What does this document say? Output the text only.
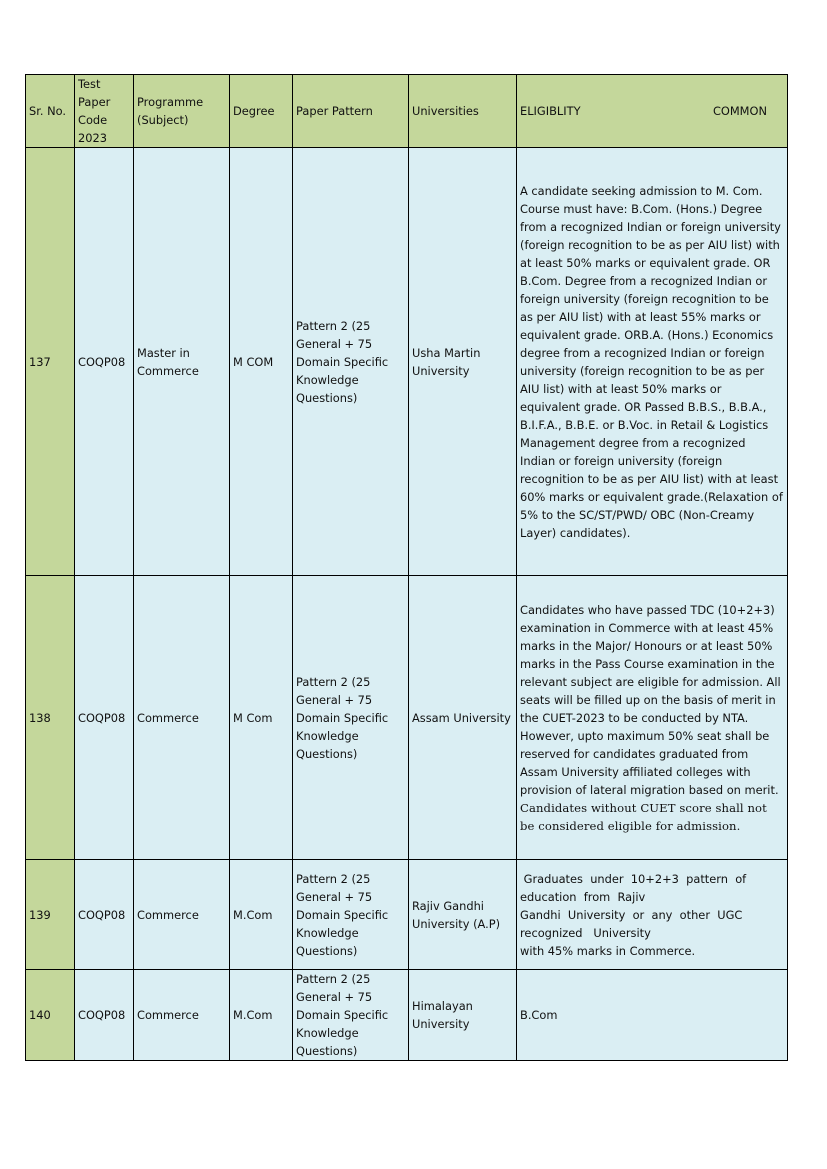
Sr. No.	Test Paper Code 2023	Programme (Subject)	Degree	Paper Pattern	Universities	ELIGIBLITY COMMON

137	COQP08	Master in Commerce	M COM	Pattern 2 (25 General + 75 Domain Specific Knowledge Questions)	Usha Martin University	A candidate seeking admission to M. Com. Course must have: B.Com. (Hons.) Degree from a recognized Indian or foreign university (foreign recognition to be as per AIU list) with at least 50% marks or equivalent grade. OR B.Com. Degree from a recognized Indian or foreign university (foreign recognition to be as per AIU list) with at least 55% marks or equivalent grade. ORB.A. (Hons.) Economics degree from a recognized Indian or foreign university (foreign recognition to be as per AIU list) with at least 50% marks or equivalent grade. OR Passed B.B.S., B.B.A., B.I.F.A., B.B.E. or B.Voc. in Retail & Logistics Management degree from a recognized Indian or foreign university (foreign recognition to be as per AIU list) with at least 60% marks or equivalent grade.(Relaxation of 5% to the SC/ST/PWD/ OBC (Non-Creamy Layer) candidates).
138	COQP08	Commerce	M Com	Pattern 2 (25 General + 75 Domain Specific Knowledge Questions)	Assam University	Candidates who have passed TDC (10+2+3) examination in Commerce with at least 45% marks in the Major/ Honours or at least 50% marks in the Pass Course examination in the relevant subject are eligible for admission. All seats will be filled up on the basis of merit in the CUET-2023 to be conducted by NTA. However, upto maximum 50% seat shall be reserved for candidates graduated from Assam University affiliated colleges with provision of lateral migration based on merit.
Candidates without CUET score shall not be considered eligible for admission.

139	COQP08	Commerce	M.Com	Pattern 2 (25 General + 75 Domain Specific Knowledge Questions)	Rajiv Gandhi University (A.P)	Graduates  under  10+2+3  pattern  of
education  from  Rajiv
Gandhi  University  or  any  other  UGC
recognized   University
with 45% marks in Commerce.

140	COQP08	Commerce	M.Com	Pattern 2 (25 General + 75 Domain Specific Knowledge Questions)	Himalayan University	B.Com
